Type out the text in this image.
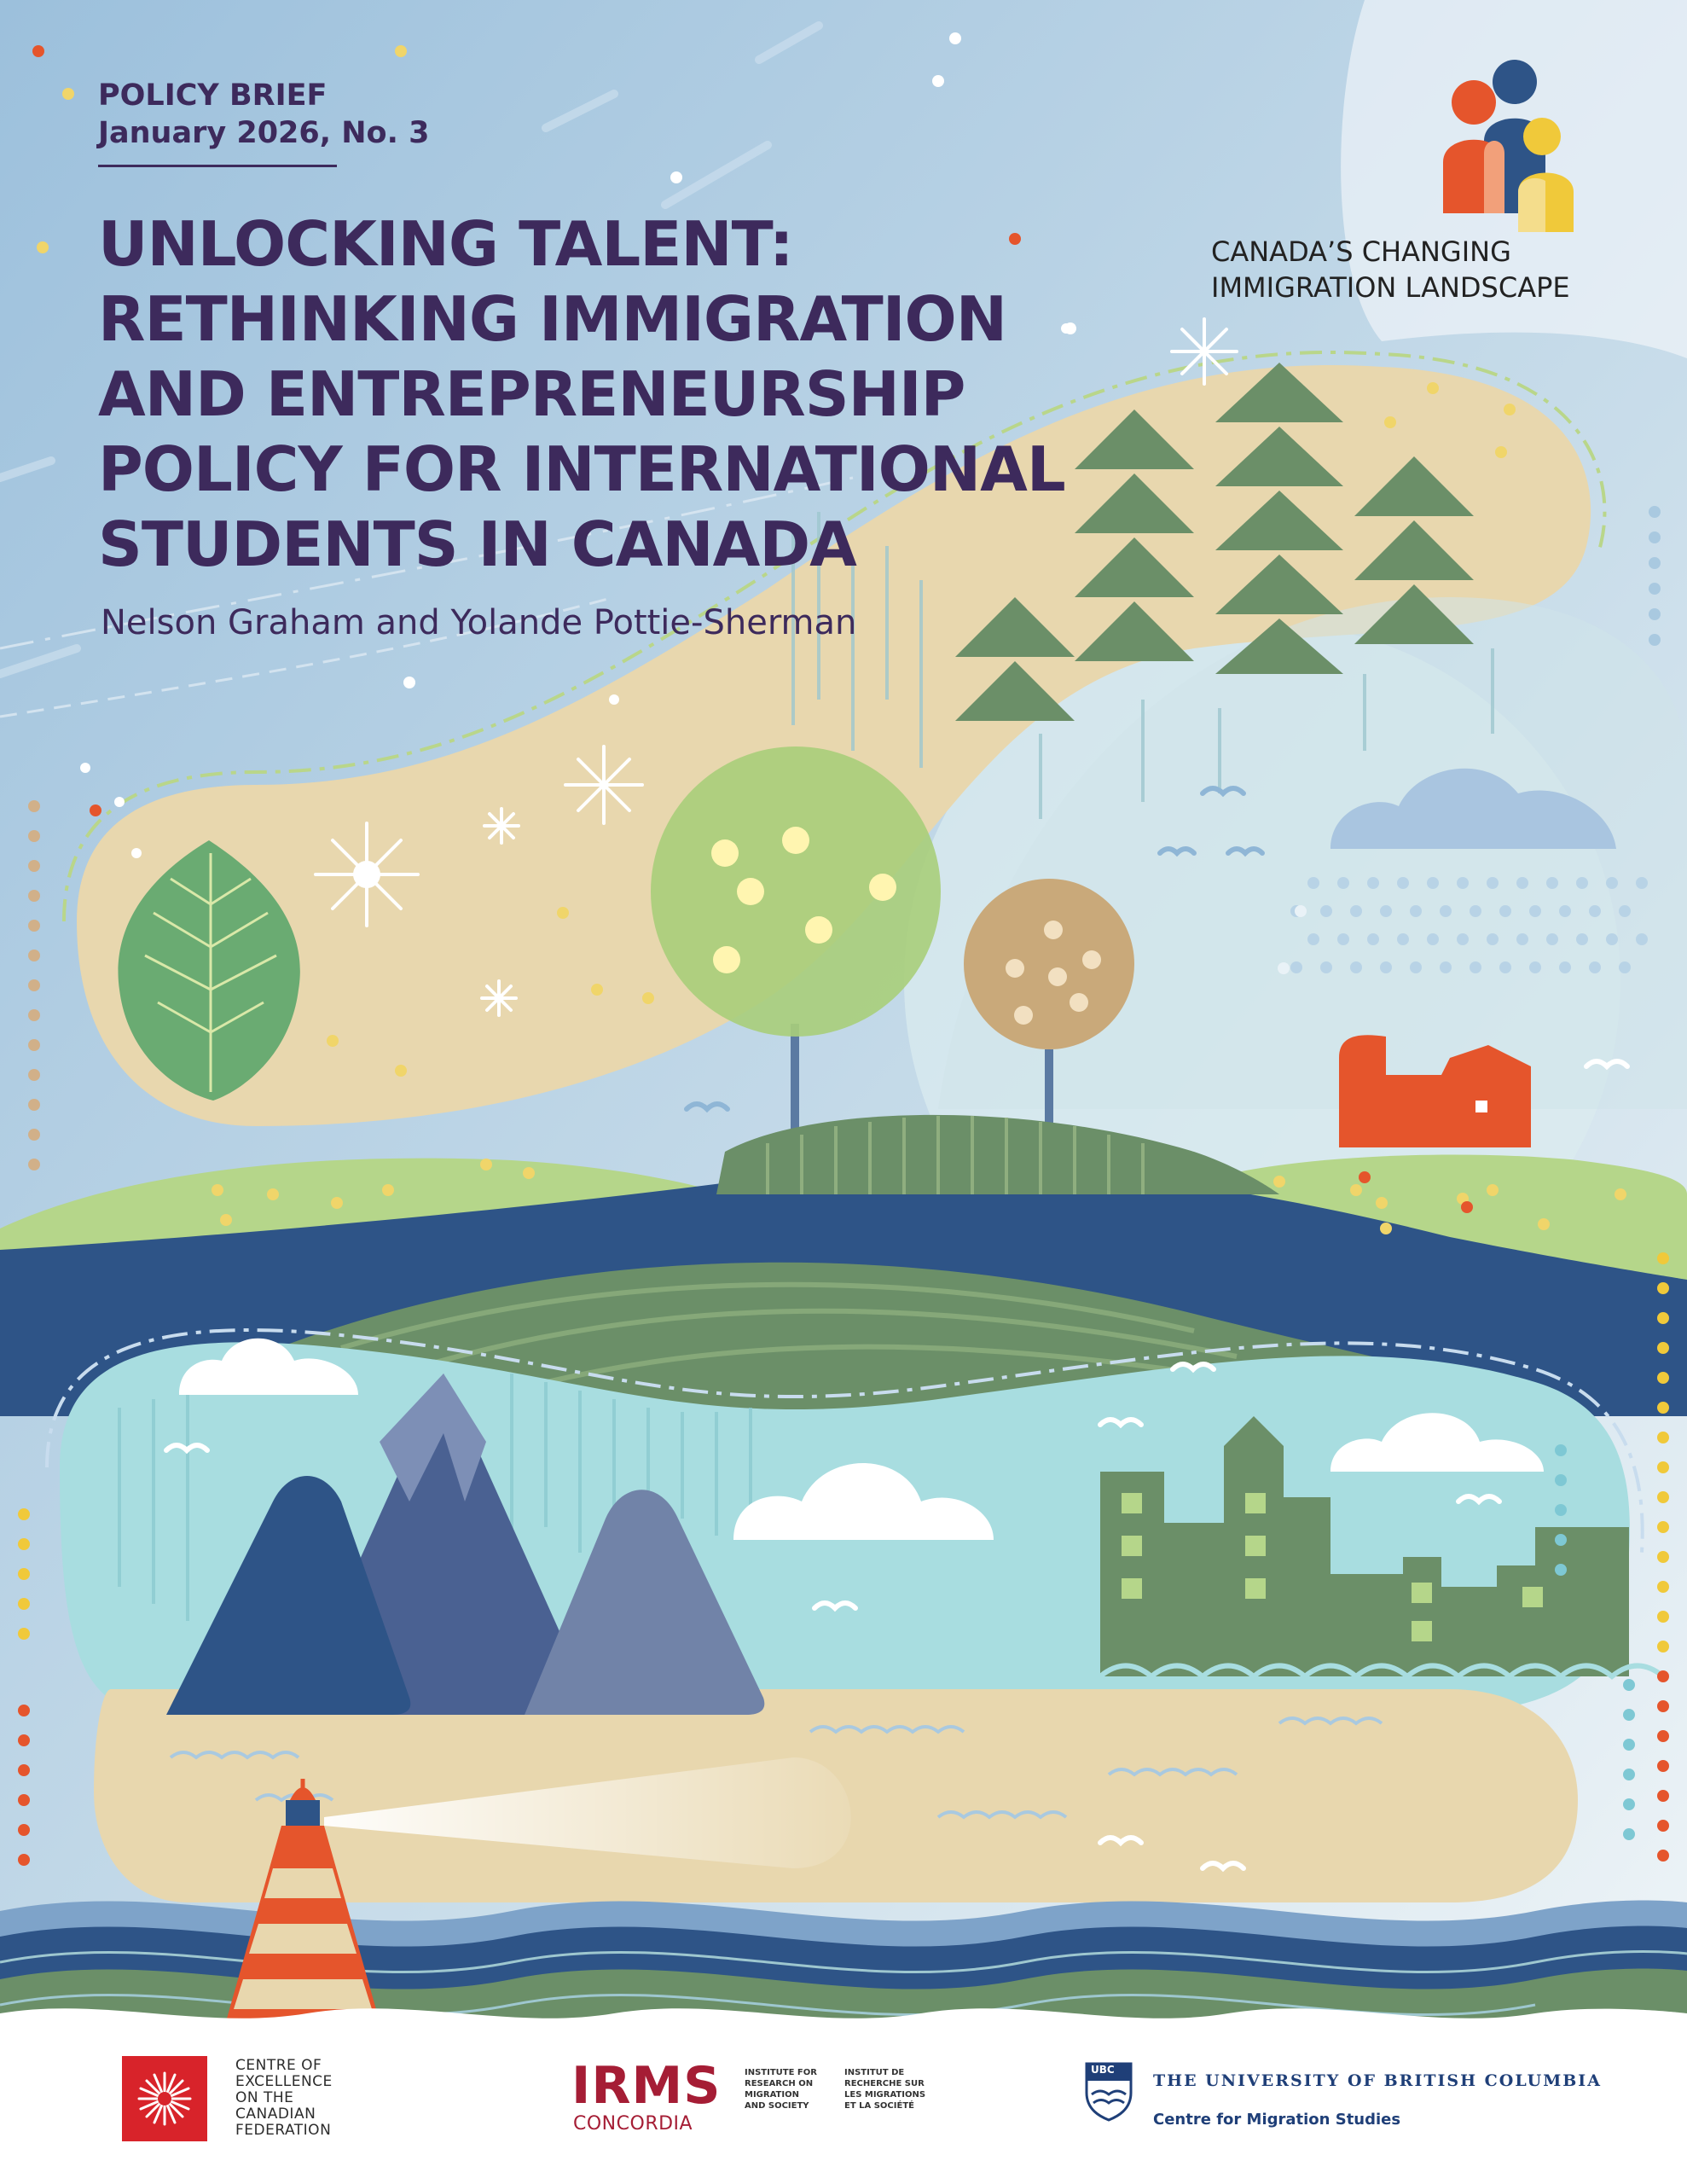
POLICY BRIEF
January 2026, No. 3
UNLOCKING TALENT:
RETHINKING IMMIGRATION
AND ENTREPRENEURSHIP
POLICY FOR INTERNATIONAL
STUDENTS IN CANADA
Nelson Graham and Yolande Pottie-Sherman
CANADA’S CHANGING
IMMIGRATION LANDSCAPE
CENTRE OF
EXCELLENCE
ON THE
CANADIAN
FEDERATION
IRMS
CONCORDIA
INSTITUTE FOR
RESEARCH ON
MIGRATION
AND SOCIETY
INSTITUT DE
RECHERCHE SUR
LES MIGRATIONS
ET LA SOCIÉTÉ
UBC
THE UNIVERSITY OF BRITISH COLUMBIA
Centre for Migration Studies
